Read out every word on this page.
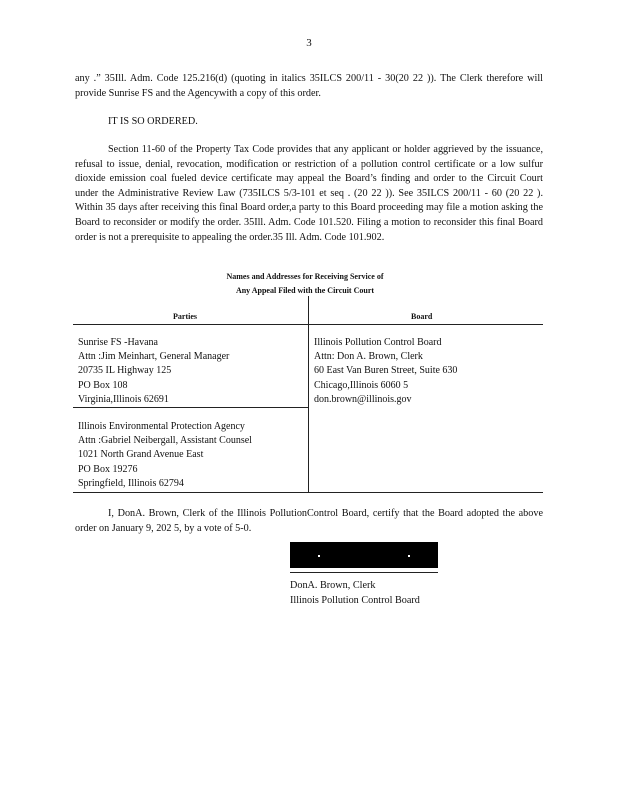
3

any .” 35Ill. Adm. Code 125.216(d) (quoting in italics 35ILCS 200/11 - 30(20 22 )). The Clerk therefore will provide Sunrise FS and the Agencywith a copy of this order.

IT IS SO ORDERED.

Section 11-60 of the Property Tax Code provides that any applicant or holder aggrieved by the issuance, refusal to issue, denial, revocation, modification or restriction of a pollution control certificate or a low sulfur dioxide emission coal fueled device certificate may appeal the Board’s finding and order to the Circuit Court under the Administrative Review Law (735ILCS 5/3-101 et seq . (20 22 )). See 35ILCS 200/11 - 60 (20 22 ). Within 35 days after receiving this final Board order,a party to this Board proceeding may file a motion asking the Board to reconsider or modify the order. 35Ill. Adm. Code 101.520. Filing a motion to reconsider this final Board order is not a prerequisite to appealing the order.35 Ill. Adm. Code 101.902.

Names and Addresses for Receiving Service of
Any Appeal Filed with the Circuit Court
Parties	Board
Sunrise FS -Havana
Attn :Jim Meinhart, General Manager
20735 IL Highway 125
PO Box 108
Virginia,Illinois 62691
Illinois Environmental Protection Agency
Attn :Gabriel Neibergall, Assistant Counsel
1021 North Grand Avenue East
PO Box 19276
Springfield, Illinois 62794
Illinois Pollution Control Board
Attn: Don A. Brown, Clerk
60 East Van Buren Street, Suite 630
Chicago,Illinois 6060 5
don.brown@illinois.gov
I, DonA. Brown, Clerk of the Illinois PollutionControl Board, certify that the Board adopted the above order on January 9, 202 5, by a vote of 5-0.
DonA. Brown, Clerk
Illinois Pollution Control Board
